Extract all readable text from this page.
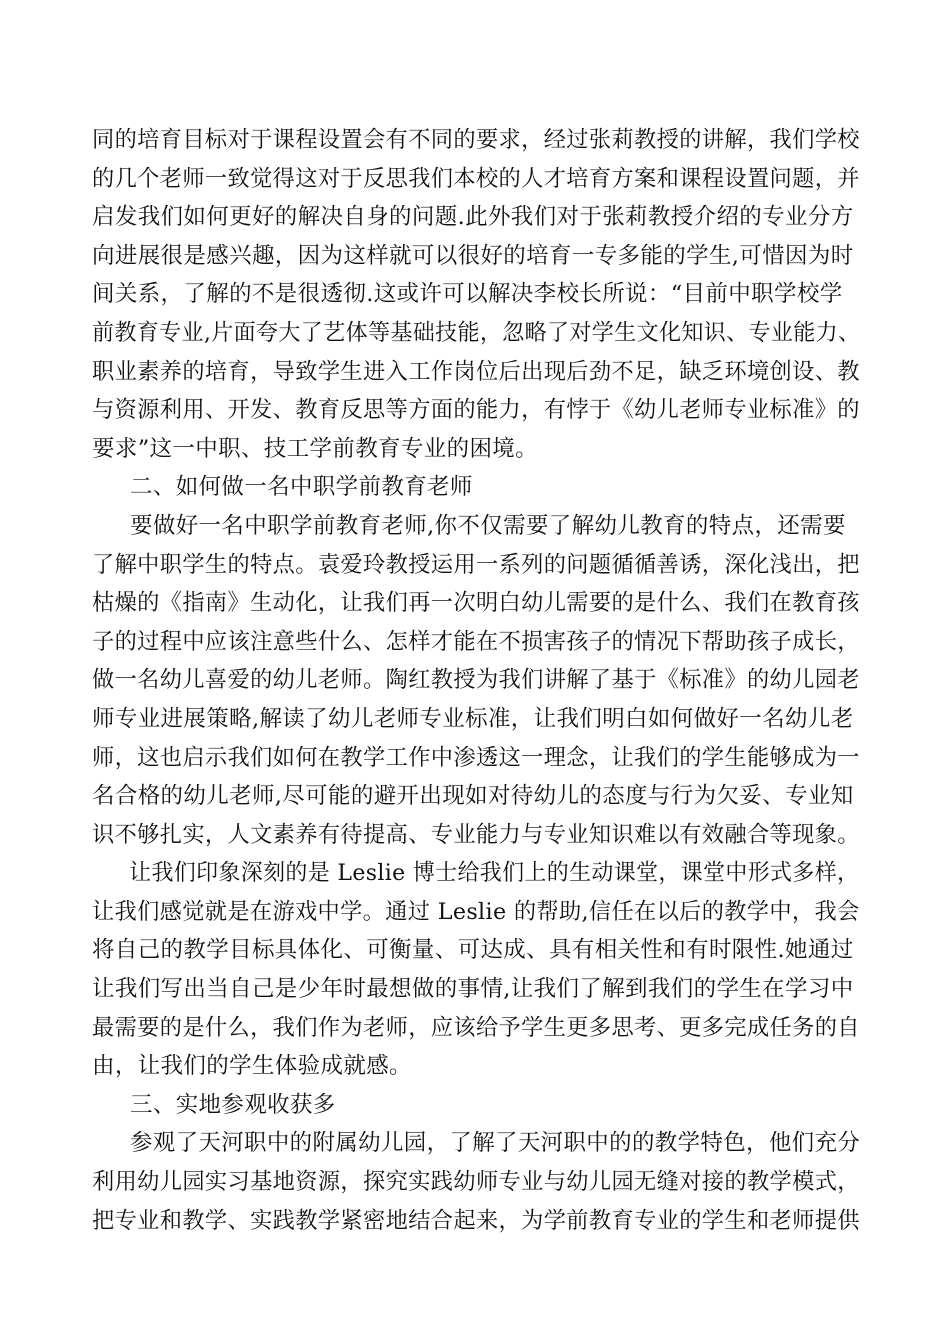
同的培育目标对于课程设置会有不同的要求，经过张莉教授的讲解，我们学校
的几个老师一致觉得这对于反思我们本校的人才培育方案和课程设置问题，并
启发我们如何更好的解决自身的问题.此外我们对于张莉教授介绍的专业分方
向进展很是感兴趣，因为这样就可以很好的培育一专多能的学生,可惜因为时
间关系，了解的不是很透彻.这或许可以解决李校长所说：“目前中职学校学
前教育专业,片面夸大了艺体等基础技能，忽略了对学生文化知识、专业能力、
职业素养的培育，导致学生进入工作岗位后出现后劲不足，缺乏环境创设、教
与资源利用、开发、教育反思等方面的能力，有悖于《幼儿老师专业标准》的
要求”这一中职、技工学前教育专业的困境。
二、如何做一名中职学前教育老师
要做好一名中职学前教育老师,你不仅需要了解幼儿教育的特点，还需要
了解中职学生的特点。袁爱玲教授运用一系列的问题循循善诱，深化浅出，把
枯燥的《指南》生动化，让我们再一次明白幼儿需要的是什么、我们在教育孩
子的过程中应该注意些什么、怎样才能在不损害孩子的情况下帮助孩子成长，
做一名幼儿喜爱的幼儿老师。陶红教授为我们讲解了基于《标准》的幼儿园老
师专业进展策略,解读了幼儿老师专业标准，让我们明白如何做好一名幼儿老
师，这也启示我们如何在教学工作中渗透这一理念，让我们的学生能够成为一
名合格的幼儿老师,尽可能的避开出现如对待幼儿的态度与行为欠妥、专业知
识不够扎实，人文素养有待提高、专业能力与专业知识难以有效融合等现象。
让我们印象深刻的是 Leslie 博士给我们上的生动课堂，课堂中形式多样，
让我们感觉就是在游戏中学。通过 Leslie 的帮助,信任在以后的教学中，我会
将自己的教学目标具体化、可衡量、可达成、具有相关性和有时限性.她通过
让我们写出当自己是少年时最想做的事情,让我们了解到我们的学生在学习中
最需要的是什么，我们作为老师，应该给予学生更多思考、更多完成任务的自
由，让我们的学生体验成就感。
三、实地参观收获多
参观了天河职中的附属幼儿园，了解了天河职中的的教学特色，他们充分
利用幼儿园实习基地资源，探究实践幼师专业与幼儿园无缝对接的教学模式，
把专业和教学、实践教学紧密地结合起来，为学前教育专业的学生和老师提供
